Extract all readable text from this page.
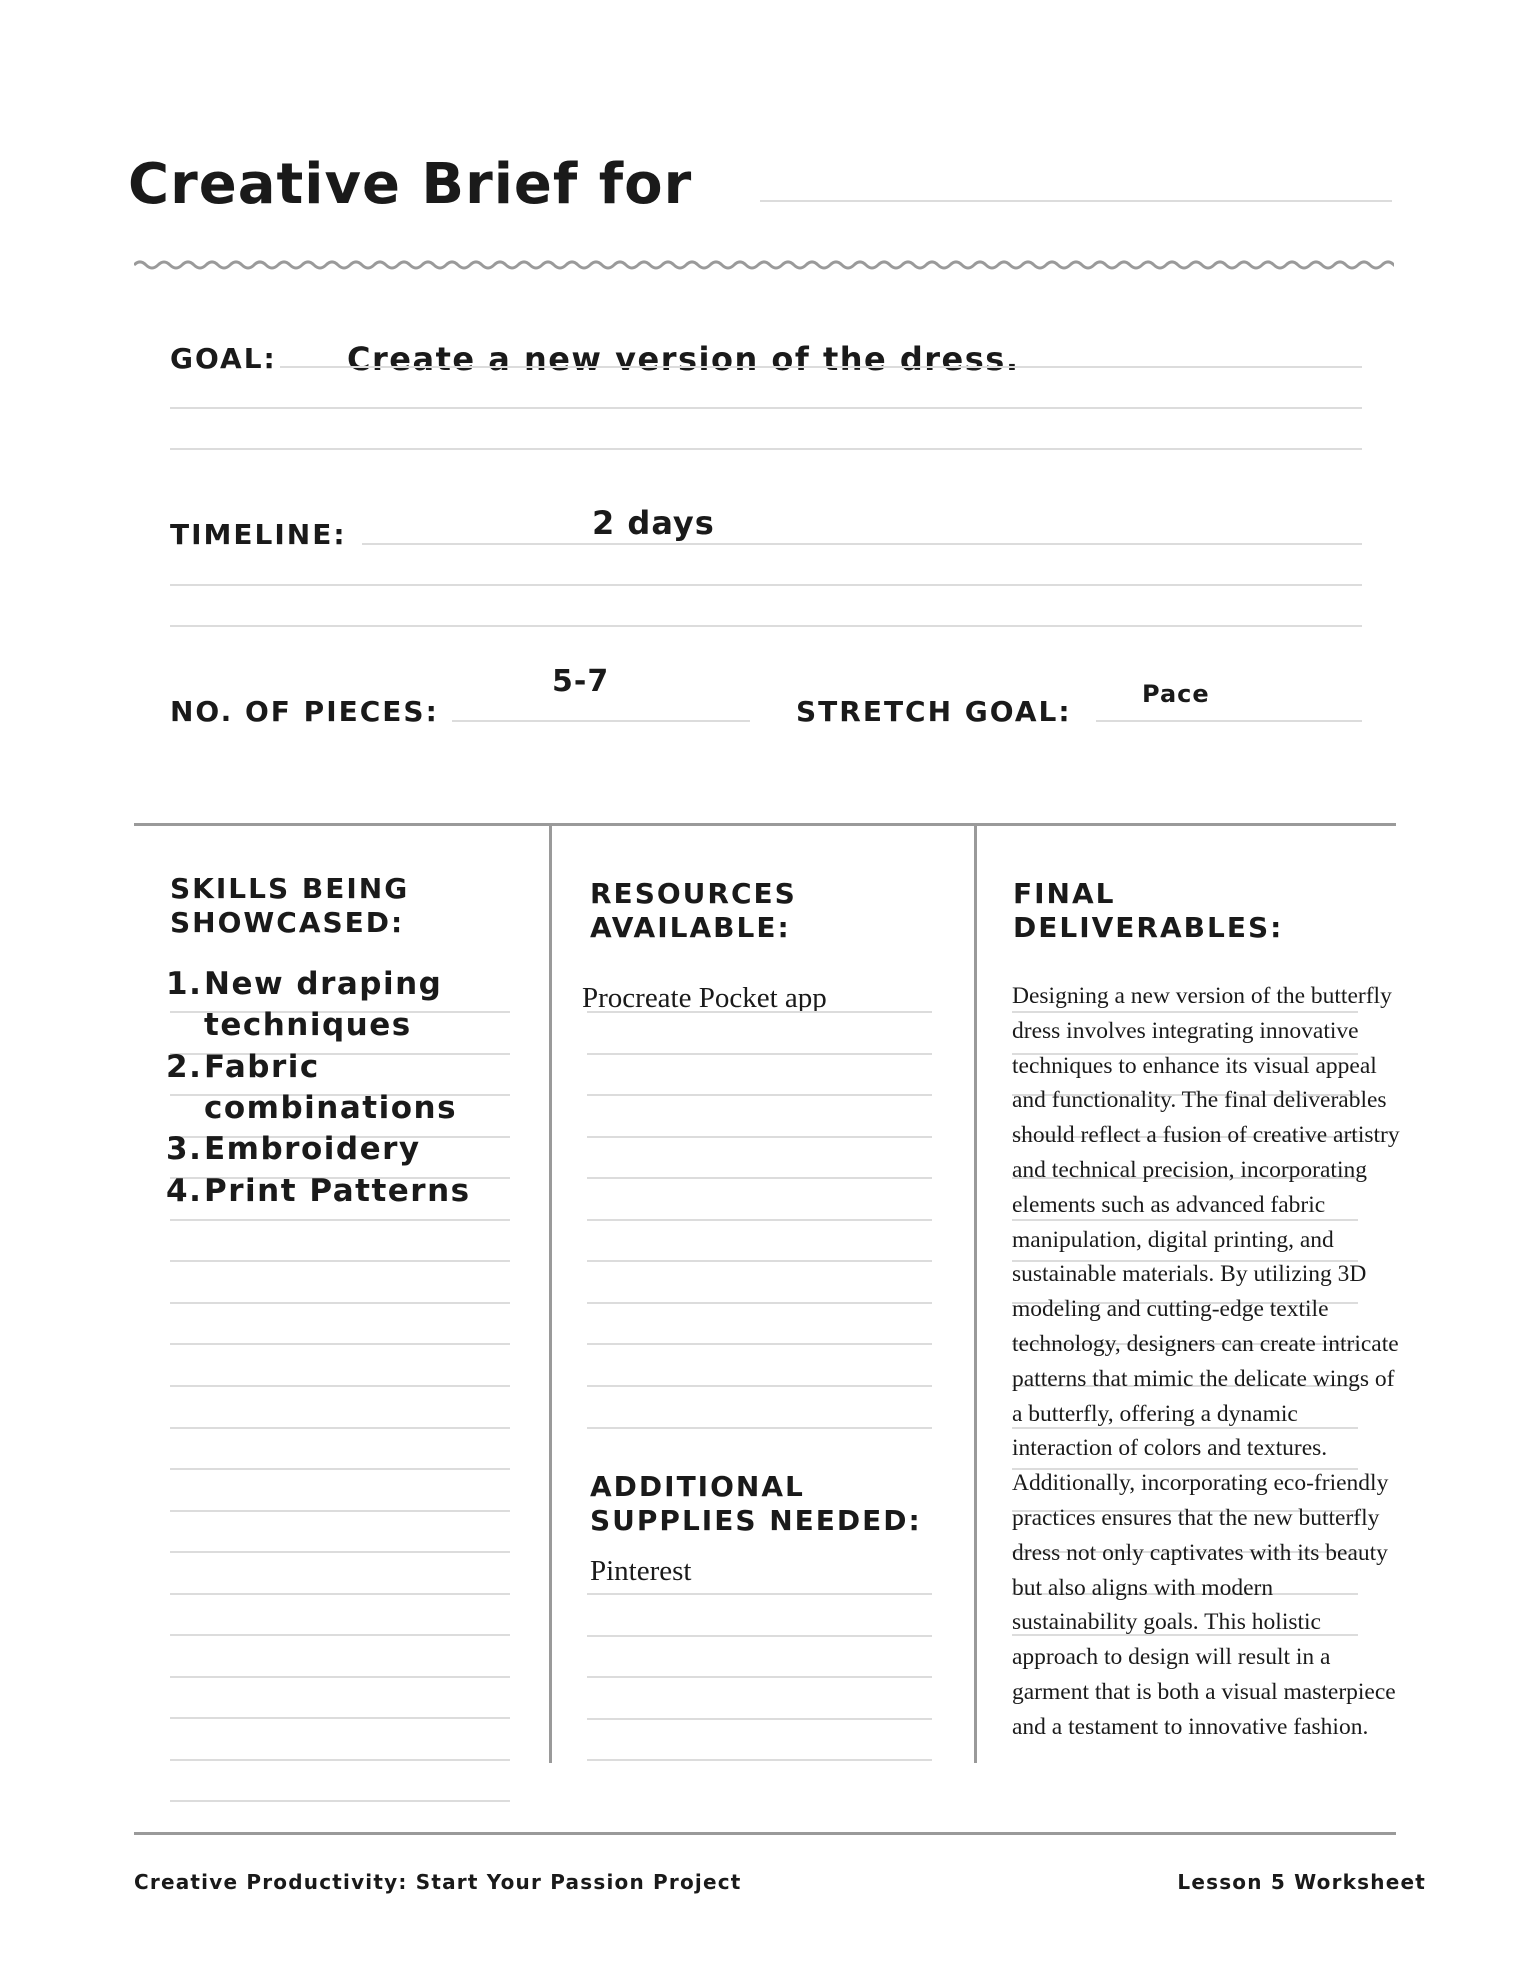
Creative Brief for
GOAL: Create a new version of the dress.
TIMELINE:	2 days
NO. OF PIECES:
5-7
STRETCH GOAL:
Pace
SKILLS BEING
SHOWCASED:
1. New draping
techniques
2. Fabric
combinations
3. Embroidery
4. Print Patterns
RESOURCES
AVAILABLE:
Procreate Pocket app
ADDITIONAL
SUPPLIES NEEDED:
Pinterest
FINAL
DELIVERABLES:
Designing a new version of the butterfly
dress involves integrating innovative
techniques to enhance its visual appeal
and functionality. The final deliverables
should reflect a fusion of creative artistry
and technical precision, incorporating
elements such as advanced fabric
manipulation, digital printing, and
sustainable materials. By utilizing 3D
modeling and cutting-edge textile
technology, designers can create intricate
patterns that mimic the delicate wings of
a butterfly, offering a dynamic
interaction of colors and textures.
Additionally, incorporating eco-friendly
practices ensures that the new butterfly
dress not only captivates with its beauty
but also aligns with modern
sustainability goals. This holistic
approach to design will result in a
garment that is both a visual masterpiece
and a testament to innovative fashion.
Creative Productivity: Start Your Passion Project	Lesson 5 Worksheet
